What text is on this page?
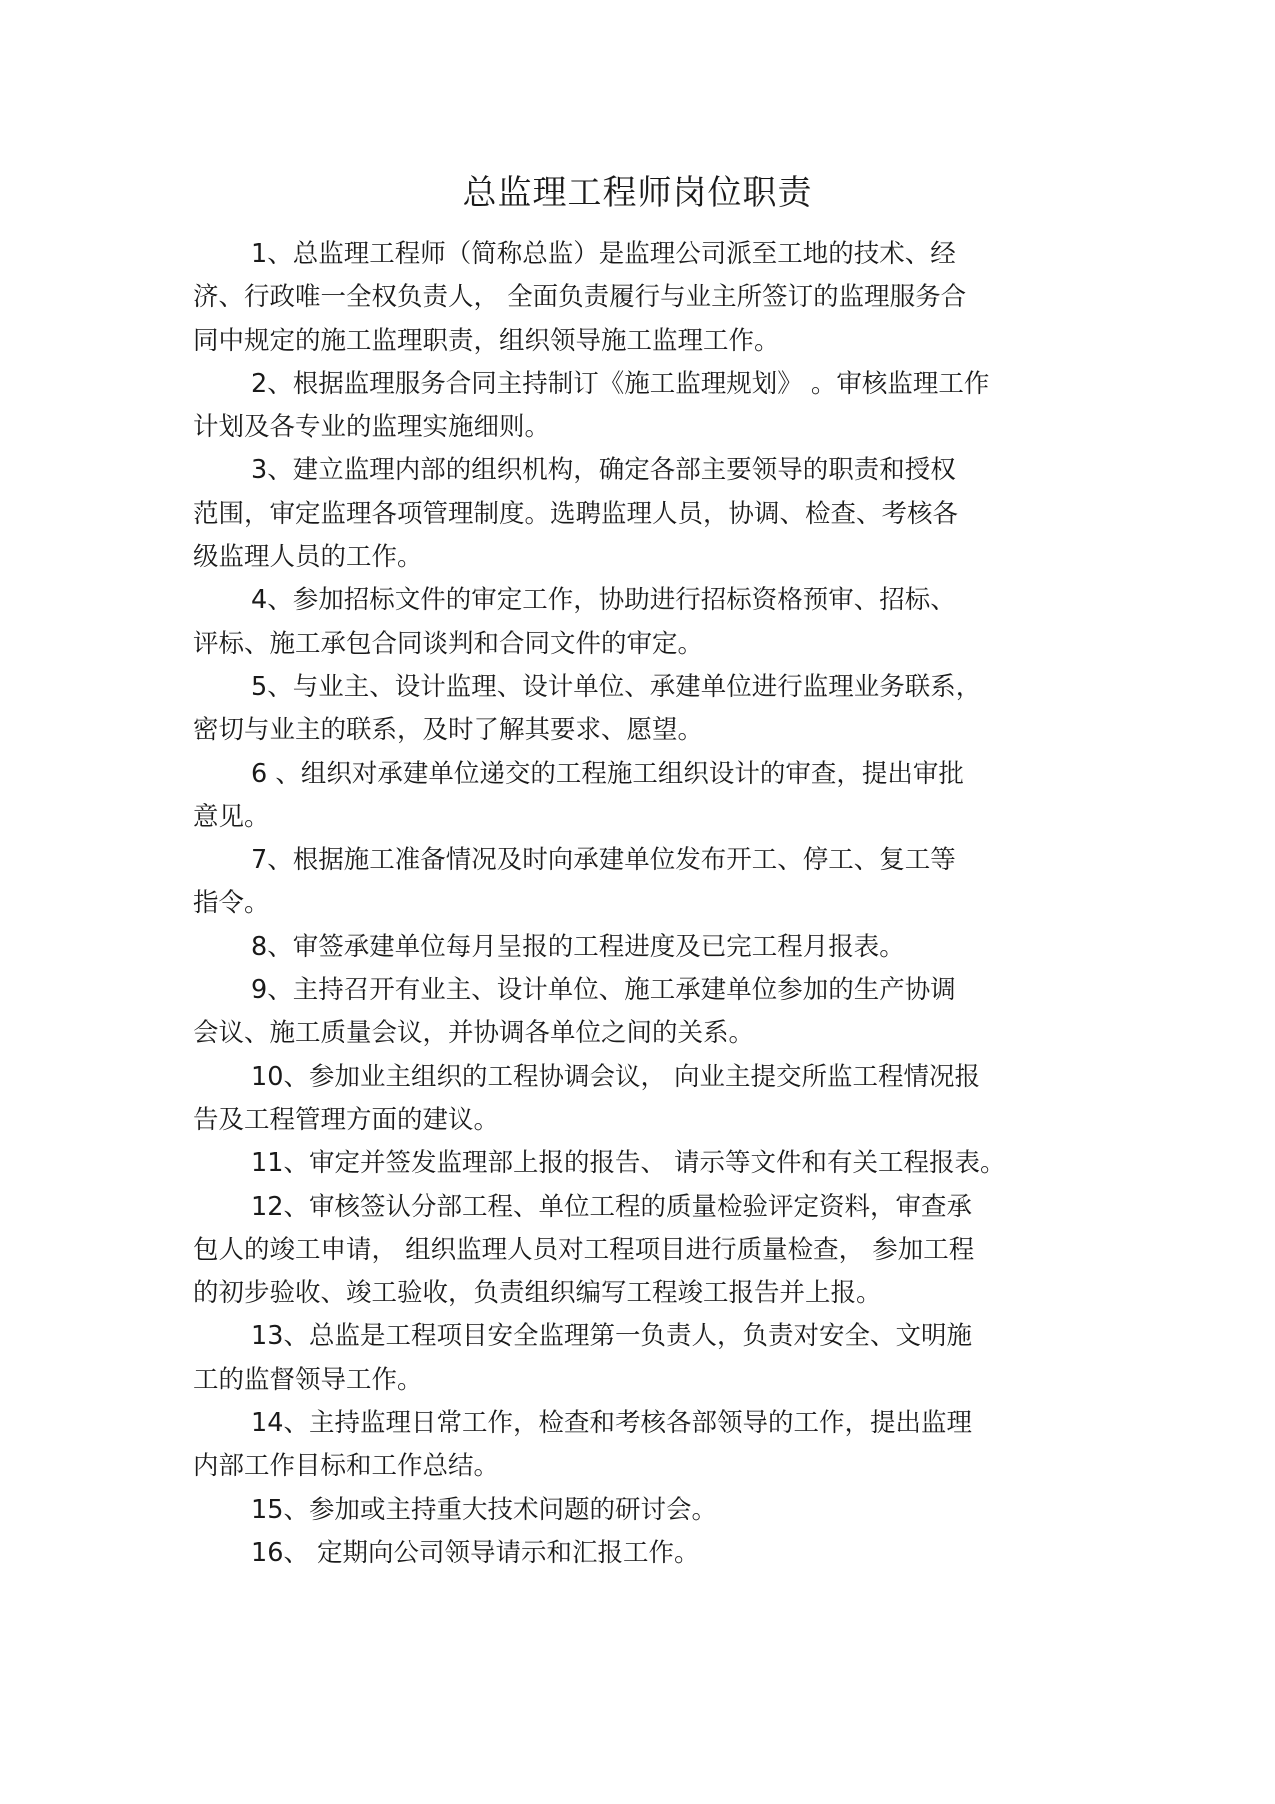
总监理工程师岗位职责
1、总监理工程师（简称总监）是监理公司派至工地的技术、经
济、行政唯一全权负责人， 全面负责履行与业主所签订的监理服务合
同中规定的施工监理职责，组织领导施工监理工作。
2、根据监理服务合同主持制订《施工监理规划》 。审核监理工作
计划及各专业的监理实施细则。
3、建立监理内部的组织机构，确定各部主要领导的职责和授权
范围，审定监理各项管理制度。选聘监理人员，协调、检查、考核各
级监理人员的工作。
4、参加招标文件的审定工作，协助进行招标资格预审、招标、
评标、施工承包合同谈判和合同文件的审定。
5、与业主、设计监理、设计单位、承建单位进行监理业务联系，
密切与业主的联系，及时了解其要求、愿望。
6 、组织对承建单位递交的工程施工组织设计的审查，提出审批
意见。
7、根据施工准备情况及时向承建单位发布开工、停工、复工等
指令。
8、审签承建单位每月呈报的工程进度及已完工程月报表。
9、主持召开有业主、设计单位、施工承建单位参加的生产协调
会议、施工质量会议，并协调各单位之间的关系。
10、参加业主组织的工程协调会议， 向业主提交所监工程情况报
告及工程管理方面的建议。
11、审定并签发监理部上报的报告、 请示等文件和有关工程报表。
12、审核签认分部工程、单位工程的质量检验评定资料，审查承
包人的竣工申请， 组织监理人员对工程项目进行质量检查， 参加工程
的初步验收、竣工验收，负责组织编写工程竣工报告并上报。
13、总监是工程项目安全监理第一负责人，负责对安全、文明施
工的监督领导工作。
14、主持监理日常工作，检查和考核各部领导的工作，提出监理
内部工作目标和工作总结。
15、参加或主持重大技术问题的研讨会。
16、 定期向公司领导请示和汇报工作。
